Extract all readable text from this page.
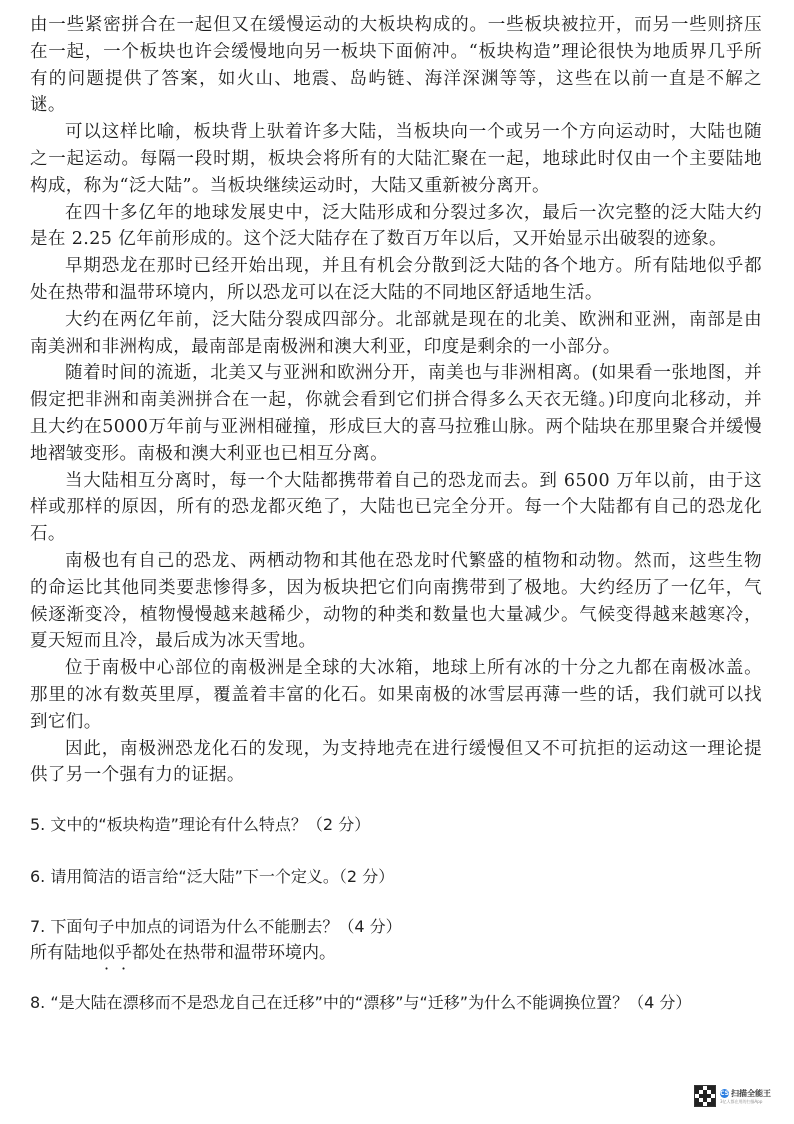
由一些紧密拼合在一起但又在缓慢运动的大板块构成的。一些板块被拉开，而另一些则挤压在一起，一个板块也许会缓慢地向另一板块下面俯冲。“板块构造”理论很快为地质界几乎所有的问题提供了答案，如火山、地震、岛屿链、海洋深渊等等，这些在以前一直是不解之谜。

可以这样比喻，板块背上驮着许多大陆，当板块向一个或另一个方向运动时，大陆也随之一起运动。每隔一段时期，板块会将所有的大陆汇聚在一起，地球此时仅由一个主要陆地构成，称为“泛大陆”。当板块继续运动时，大陆又重新被分离开。

在四十多亿年的地球发展史中，泛大陆形成和分裂过多次，最后一次完整的泛大陆大约是在 2.25 亿年前形成的。这个泛大陆存在了数百万年以后，又开始显示出破裂的迹象。

早期恐龙在那时已经开始出现，并且有机会分散到泛大陆的各个地方。所有陆地似乎都处在热带和温带环境内，所以恐龙可以在泛大陆的不同地区舒适地生活。

大约在两亿年前，泛大陆分裂成四部分。北部就是现在的北美、欧洲和亚洲，南部是由南美洲和非洲构成，最南部是南极洲和澳大利亚，印度是剩余的一小部分。

随着时间的流逝，北美又与亚洲和欧洲分开，南美也与非洲相离。(如果看一张地图，并假定把非洲和南美洲拼合在一起，你就会看到它们拼合得多么天衣无缝。)印度向北移动，并且大约在5000万年前与亚洲相碰撞，形成巨大的喜马拉雅山脉。两个陆块在那里聚合并缓慢地褶皱变形。南极和澳大利亚也已相互分离。

当大陆相互分离时，每一个大陆都携带着自己的恐龙而去。到 6500 万年以前，由于这样或那样的原因，所有的恐龙都灭绝了，大陆也已完全分开。每一个大陆都有自己的恐龙化石。

南极也有自己的恐龙、两栖动物和其他在恐龙时代繁盛的植物和动物。然而，这些生物的命运比其他同类要悲惨得多，因为板块把它们向南携带到了极地。大约经历了一亿年，气候逐渐变冷，植物慢慢越来越稀少，动物的种类和数量也大量减少。气候变得越来越寒冷，夏天短而且冷，最后成为冰天雪地。

位于南极中心部位的南极洲是全球的大冰箱，地球上所有冰的十分之九都在南极冰盖。那里的冰有数英里厚，覆盖着丰富的化石。如果南极的冰雪层再薄一些的话，我们就可以找到它们。

因此，南极洲恐龙化石的发现，为支持地壳在进行缓慢但又不可抗拒的运动这一理论提供了另一个强有力的证据。

5. 文中的“板块构造”理论有什么特点？（2 分）
6. 请用简洁的语言给“泛大陆”下一个定义。（2 分）
7. 下面句子中加点的词语为什么不能删去？（4 分）
所有陆地似乎都处在热带和温带环境内。
8. “是大陆在漂移而不是恐龙自己在迁移”中的“漂移”与“迁移”为什么不能调换位置？（4 分）
CS 扫描全能王
3亿人都在用的扫描App
